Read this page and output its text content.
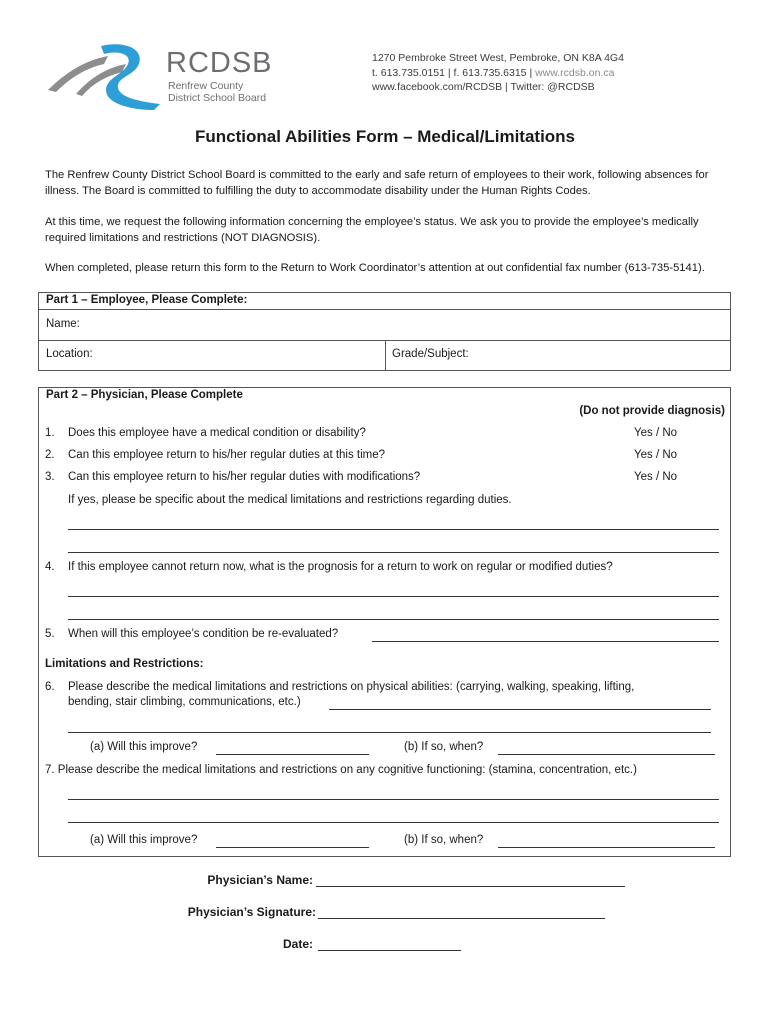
RCDSB
Renfrew County
District School Board
1270 Pembroke Street West, Pembroke, ON K8A 4G4
t. 613.735.0151 | f. 613.735.6315 | www.rcdsb.on.ca
www.facebook.com/RCDSB | Twitter: @RCDSB
Functional Abilities Form – Medical/Limitations
The Renfrew County District School Board is committed to the early and safe return of employees to their work, following absences for illness. The Board is committed to fulfilling the duty to accommodate disability under the Human Rights Codes.
At this time, we request the following information concerning the employee’s status. We ask you to provide the employee’s medically required limitations and restrictions (NOT DIAGNOSIS).
When completed, please return this form to the Return to Work Coordinator’s attention at out confidential fax number (613-735-5141).
Part 1 – Employee, Please Complete:
Name:
Location:	Grade/Subject:
Part 2 – Physician, Please Complete
(Do not provide diagnosis)
1. Does this employee have a medical condition or disability?	Yes / No
2. Can this employee return to his/her regular duties at this time?	Yes / No
3. Can this employee return to his/her regular duties with modifications?	Yes / No
If yes, please be specific about the medical limitations and restrictions regarding duties.
4. If this employee cannot return now, what is the prognosis for a return to work on regular or modified duties?
5. When will this employee’s condition be re-evaluated?
Limitations and Restrictions:
6. Please describe the medical limitations and restrictions on physical abilities: (carrying, walking, speaking, lifting,
bending, stair climbing, communications, etc.)
(a) Will this improve?	(b) If so, when?
7. Please describe the medical limitations and restrictions on any cognitive functioning: (stamina, concentration, etc.)
(a) Will this improve?	(b) If so, when?
Physician’s Name:
Physician’s Signature:
Date:
